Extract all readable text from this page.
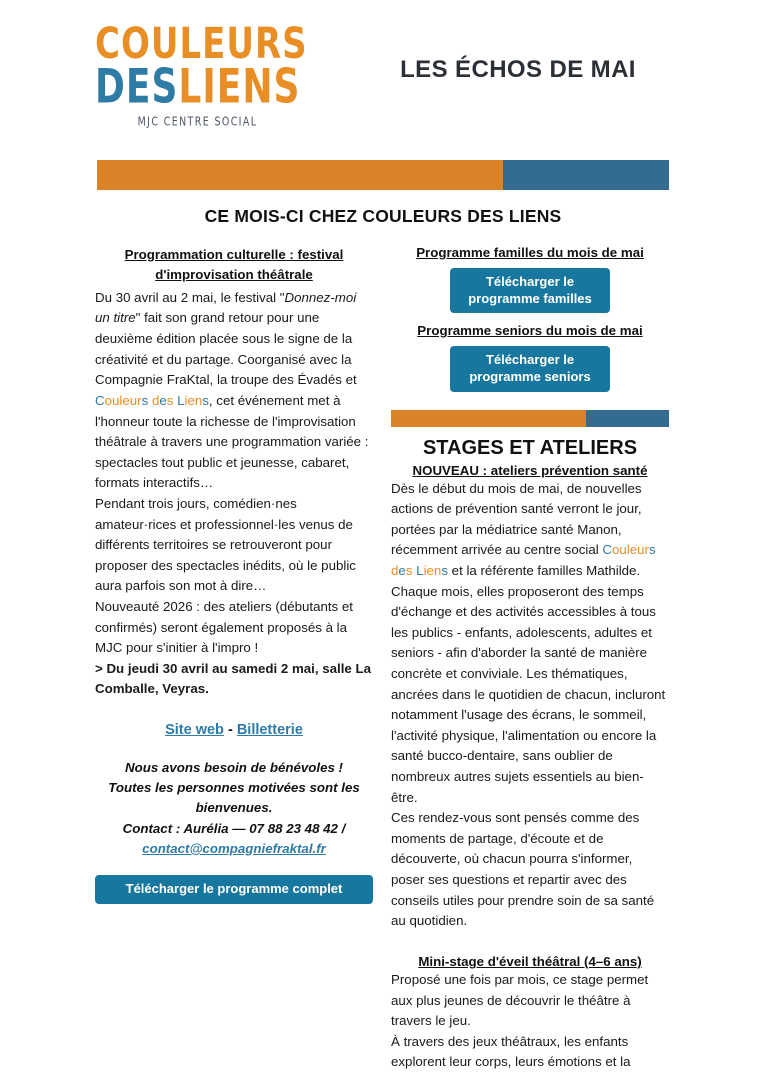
COULEURS
DESLIENS
MJC CENTRE SOCIAL
LES ÉCHOS DE MAI
CE MOIS-CI CHEZ COULEURS DES LIENS
Programmation culturelle : festival d'improvisation théâtrale
Du 30 avril au 2 mai, le festival "Donnez-moi un titre" fait son grand retour pour une deuxième édition placée sous le signe de la créativité et du partage. Coorganisé avec la Compagnie FraKtal, la troupe des Évadés et Couleurs des Liens, cet événement met à l'honneur toute la richesse de l'improvisation théâtrale à travers une programmation variée : spectacles tout public et jeunesse, cabaret, formats interactifs…
Pendant trois jours, comédien·nes amateur·rices et professionnel·les venus de différents territoires se retrouveront pour proposer des spectacles inédits, où le public aura parfois son mot à dire…
Nouveauté 2026 : des ateliers (débutants et confirmés) seront également proposés à la MJC pour s'initier à l'impro !
> Du jeudi 30 avril au samedi 2 mai, salle La Comballe, Veyras.
Site web - Billetterie
Nous avons besoin de bénévoles !
Toutes les personnes motivées sont les bienvenues.
Contact : Aurélia — 07 88 23 48 42 /
contact@compagniefraktal.fr
Télécharger le programme complet
Programme familles du mois de mai
Télécharger le
programme familles
Programme seniors du mois de mai
Télécharger le
programme seniors
STAGES ET ATELIERS
NOUVEAU : ateliers prévention santé
Dès le début du mois de mai, de nouvelles actions de prévention santé verront le jour, portées par la médiatrice santé Manon, récemment arrivée au centre social Couleurs des Liens et la référente familles Mathilde. Chaque mois, elles proposeront des temps d'échange et des activités accessibles à tous les publics - enfants, adolescents, adultes et seniors - afin d'aborder la santé de manière concrète et conviviale. Les thématiques, ancrées dans le quotidien de chacun, incluront notamment l'usage des écrans, le sommeil, l'activité physique, l'alimentation ou encore la santé bucco-dentaire, sans oublier de nombreux autres sujets essentiels au bien-être.
Ces rendez-vous sont pensés comme des moments de partage, d'écoute et de découverte, où chacun pourra s'informer, poser ses questions et repartir avec des conseils utiles pour prendre soin de sa santé au quotidien.
Mini-stage d'éveil théâtral (4–6 ans)
Proposé une fois par mois, ce stage permet aux plus jeunes de découvrir le théâtre à travers le jeu.
À travers des jeux théâtraux, les enfants explorent leur corps, leurs émotions et la
